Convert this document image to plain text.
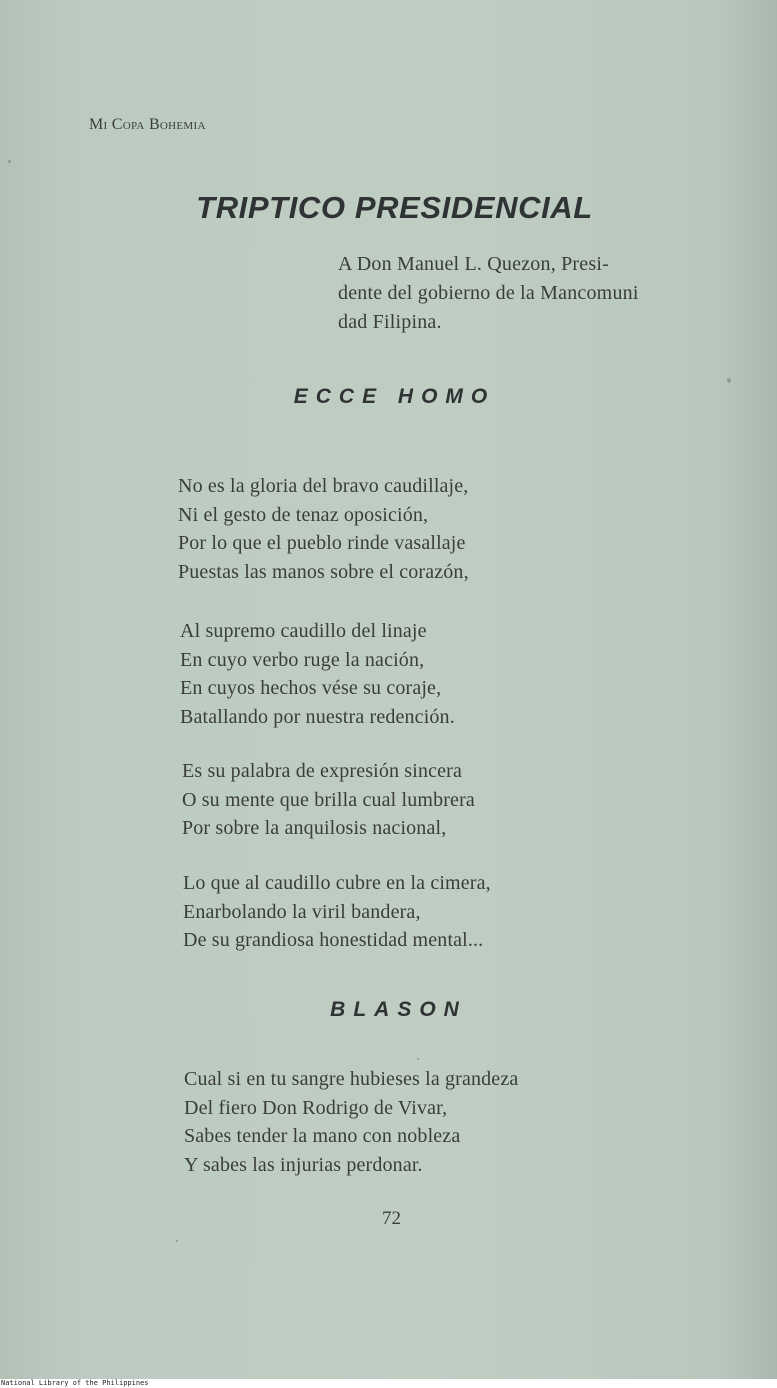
Mi Copa Bohemia
TRIPTICO PRESIDENCIAL
A Don Manuel L. Quezon, Presi-
dente del gobierno de la Mancomuni
dad Filipina.
ECCE HOMO
No es la gloria del bravo caudillaje,
Ni el gesto de tenaz oposición,
Por lo que el pueblo rinde vasallaje
Puestas las manos sobre el corazón,
Al supremo caudillo del linaje
En cuyo verbo ruge la nación,
En cuyos hechos vése su coraje,
Batallando por nuestra redención.
Es su palabra de expresión sincera
O su mente que brilla cual lumbrera
Por sobre la anquilosis nacional,
Lo que al caudillo cubre en la cimera,
Enarbolando la viril bandera,
De su grandiosa honestidad mental...
BLASON
Cual si en tu sangre hubieses la grandeza
Del fiero Don Rodrigo de Vivar,
Sabes tender la mano con nobleza
Y sabes las injurias perdonar.
72
National Library of the Philippines
